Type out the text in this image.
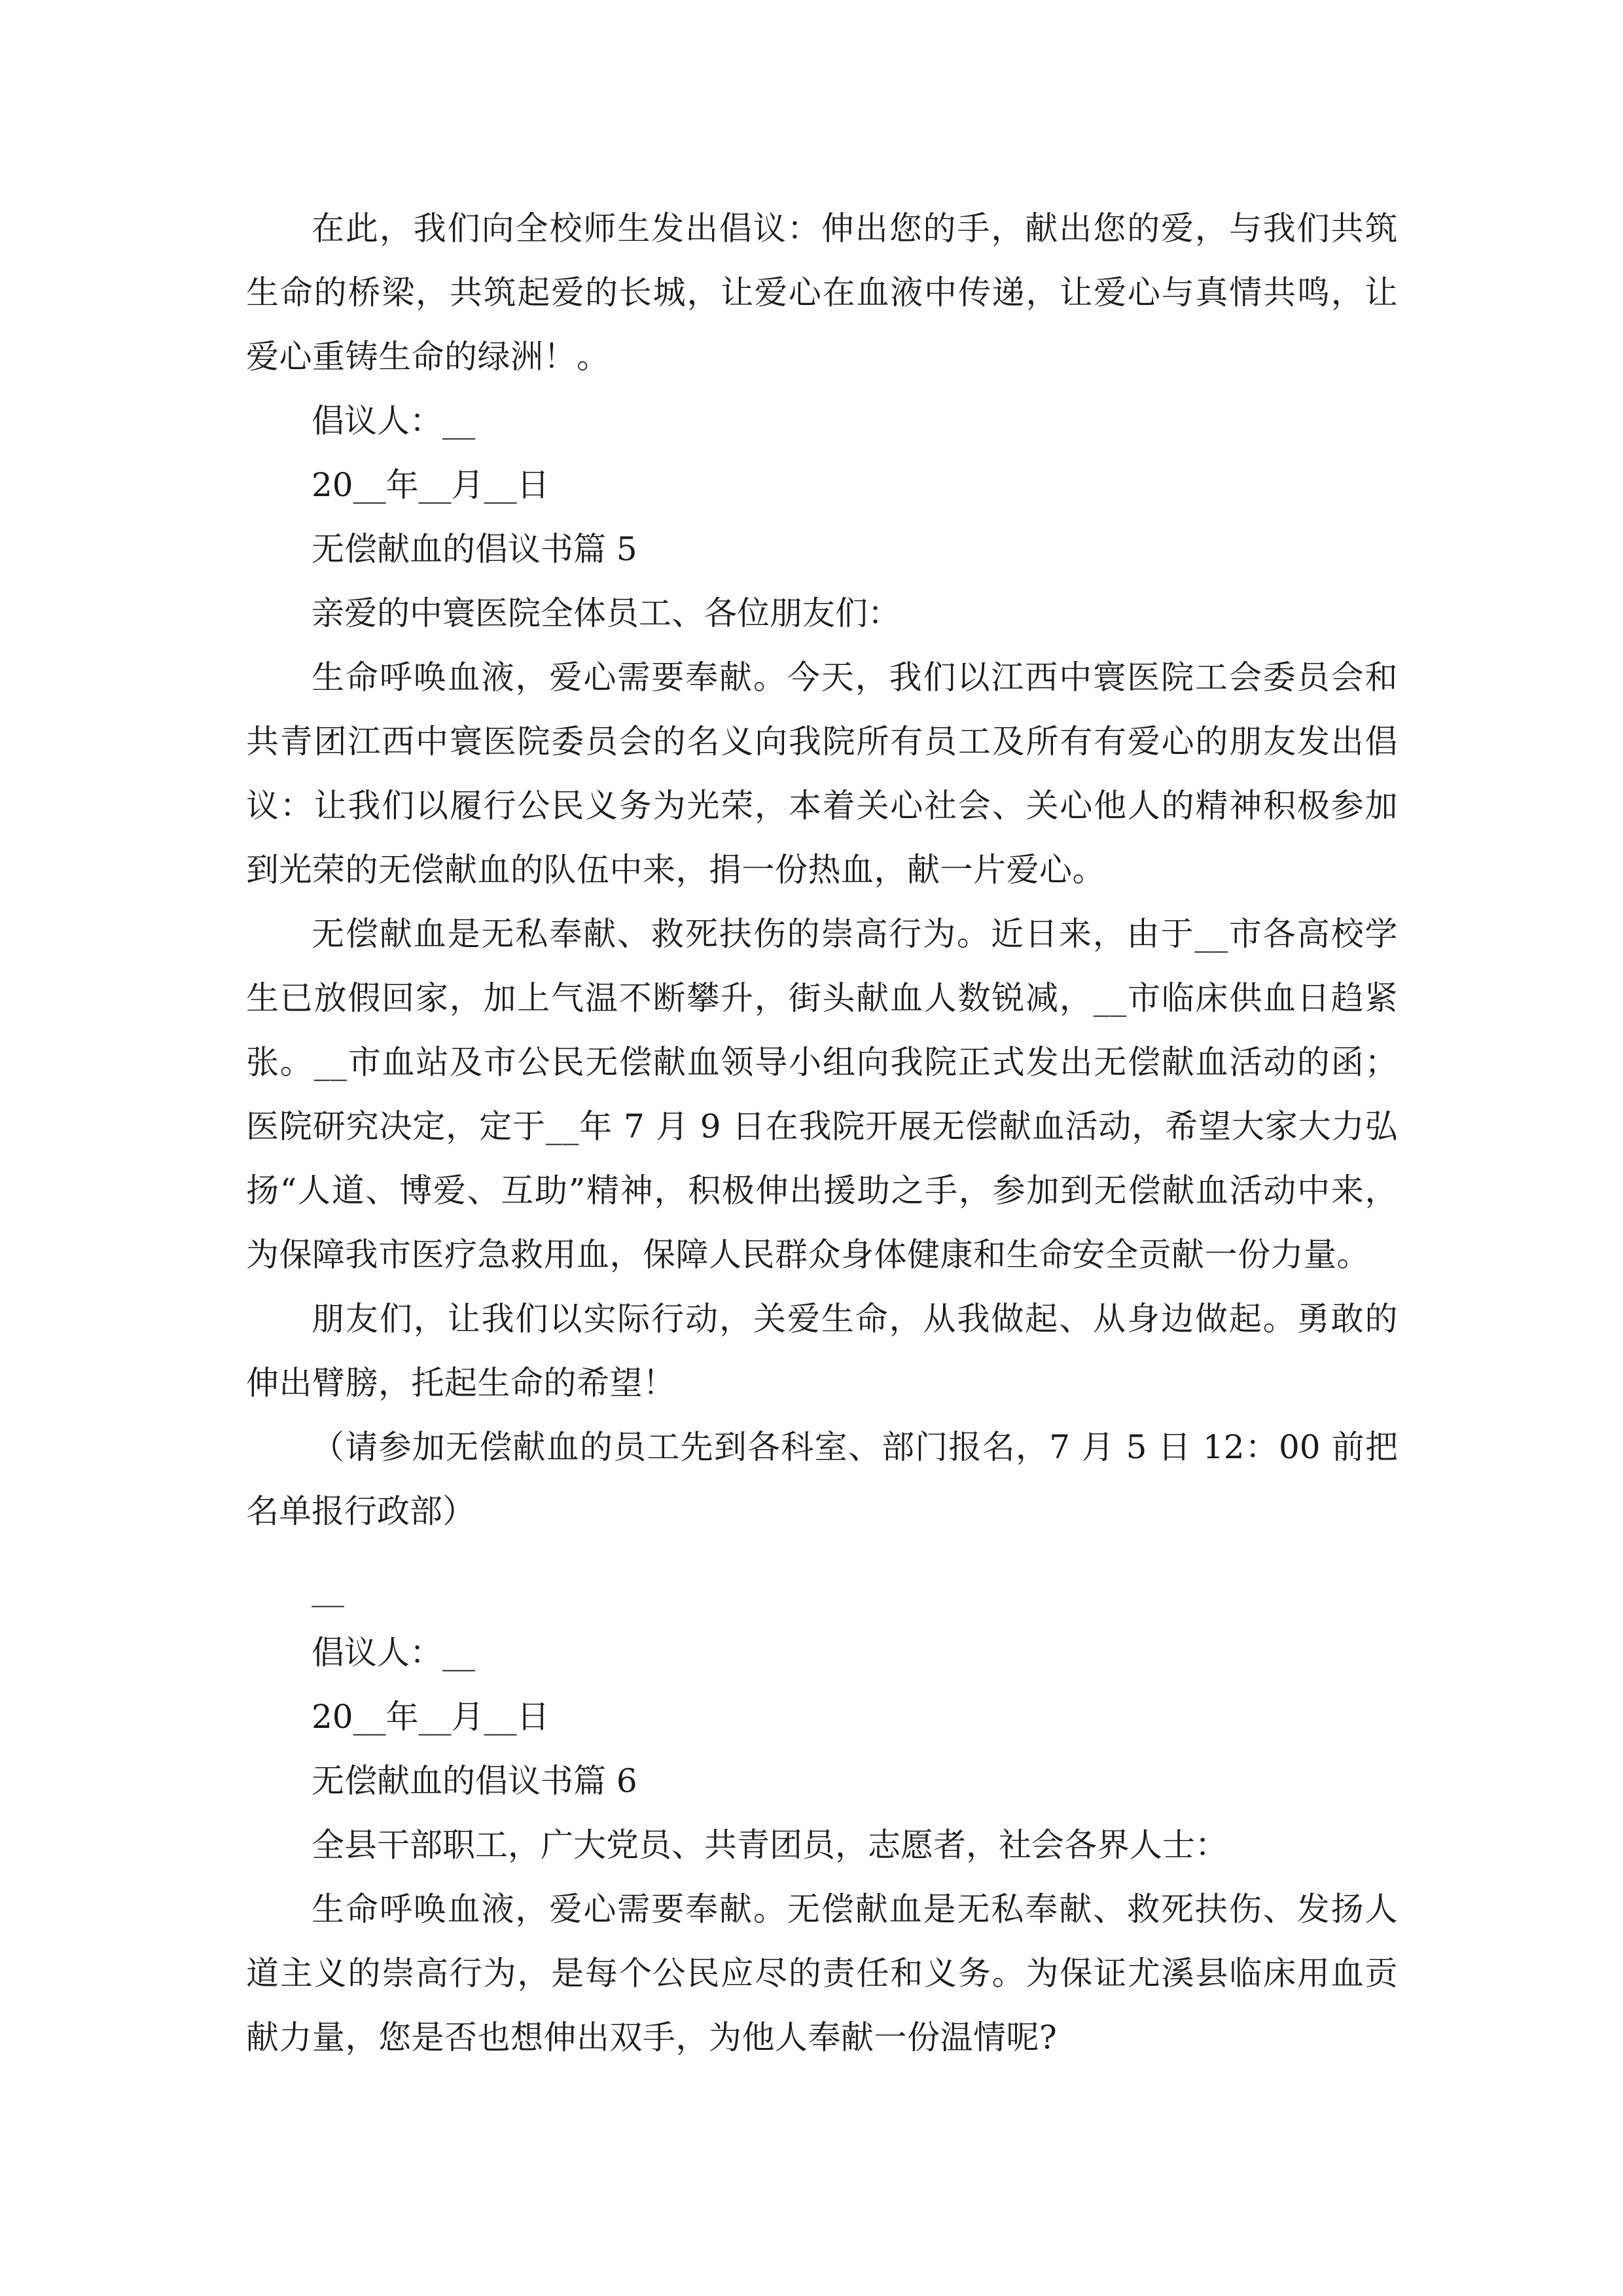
在此，我们向全校师生发出倡议：伸出您的手，献出您的爱，与我们共筑生命的桥梁，共筑起爱的长城，让爱心在血液中传递，让爱心与真情共鸣，让爱心重铸生命的绿洲！。

倡议人：__

20__年__月__日

无偿献血的倡议书篇 5

亲爱的中寰医院全体员工、各位朋友们：

生命呼唤血液，爱心需要奉献。今天，我们以江西中寰医院工会委员会和共青团江西中寰医院委员会的名义向我院所有员工及所有有爱心的朋友发出倡议：让我们以履行公民义务为光荣，本着关心社会、关心他人的精神积极参加到光荣的无偿献血的队伍中来，捐一份热血，献一片爱心。

无偿献血是无私奉献、救死扶伤的崇高行为。近日来，由于__市各高校学生已放假回家，加上气温不断攀升，街头献血人数锐减，__市临床供血日趋紧张。__市血站及市公民无偿献血领导小组向我院正式发出无偿献血活动的函；医院研究决定，定于__年 7 月 9 日在我院开展无偿献血活动，希望大家大力弘扬“人道、博爱、互助”精神，积极伸出援助之手，参加到无偿献血活动中来，为保障我市医疗急救用血，保障人民群众身体健康和生命安全贡献一份力量。

朋友们，让我们以实际行动，关爱生命，从我做起、从身边做起。勇敢的伸出臂膀，托起生命的希望！

（请参加无偿献血的员工先到各科室、部门报名，7 月 5 日 12：00 前把名单报行政部）

__

倡议人：__

20__年__月__日

无偿献血的倡议书篇 6

全县干部职工，广大党员、共青团员，志愿者，社会各界人士：

生命呼唤血液，爱心需要奉献。无偿献血是无私奉献、救死扶伤、发扬人道主义的崇高行为，是每个公民应尽的责任和义务。为保证尤溪县临床用血贡献力量，您是否也想伸出双手，为他人奉献一份温情呢?
